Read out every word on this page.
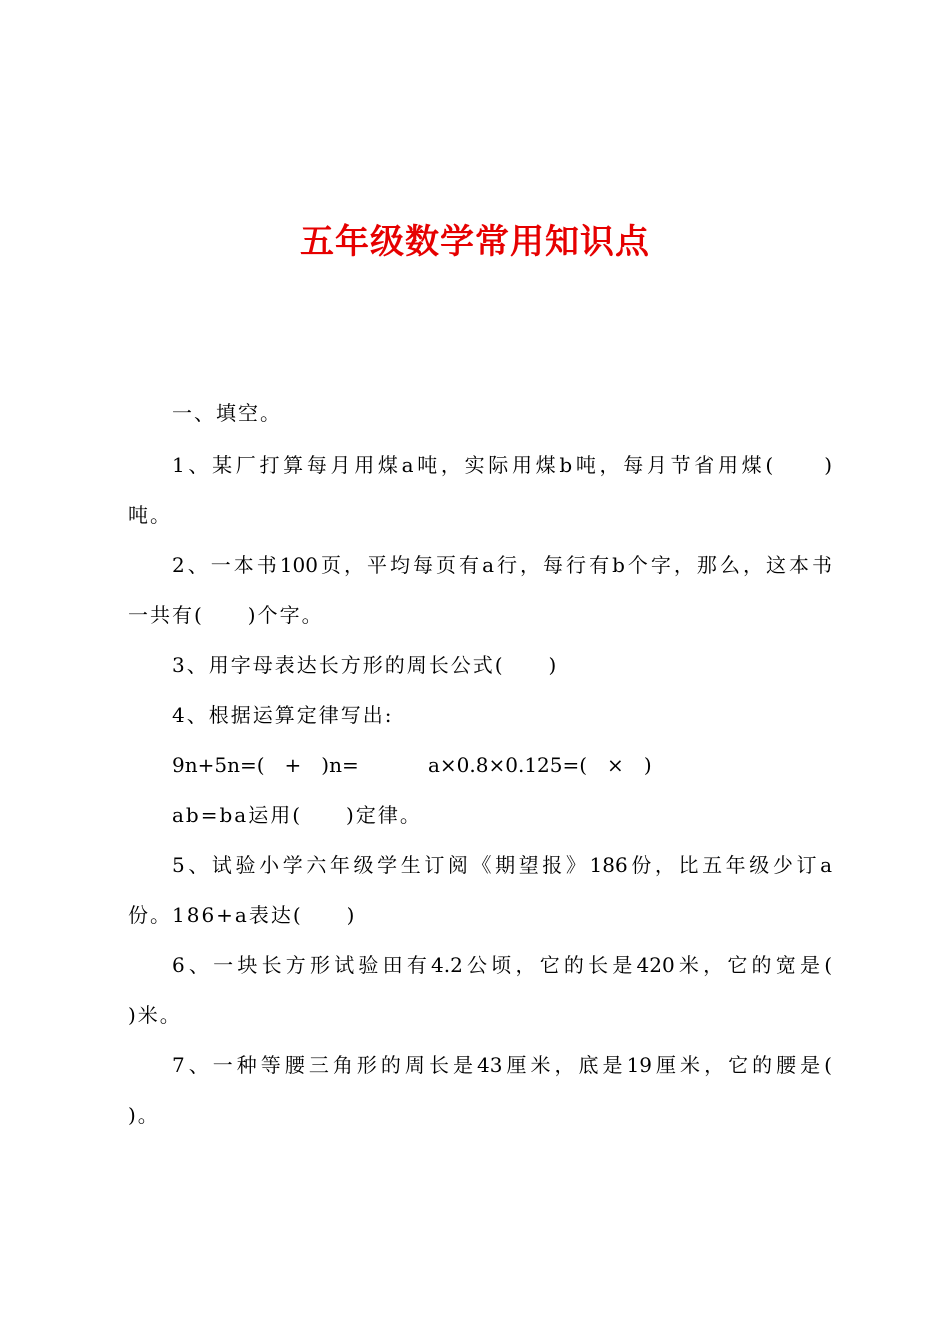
五年级数学常用知识点
一、填空。
1、某厂打算每月用煤a吨，实际用煤b吨，每月节省用煤(　　)
吨。
2、一本书100页，平均每页有a行，每行有b个字，那么，这本书
一共有(　　)个字。
3、用字母表达长方形的周长公式(　　)
4、根据运算定律写出:
9n+5n=(　+　)n=	a×0.8×0.125=(　×　)
ab=ba运用(　　)定律。
5、试验小学六年级学生订阅《期望报》186份，比五年级少订a
份。186+a表达(　　)
6、一块长方形试验田有4.2公顷，它的长是420米，它的宽是(
)米。
7、一种等腰三角形的周长是43厘米，底是19厘米，它的腰是(
)。
